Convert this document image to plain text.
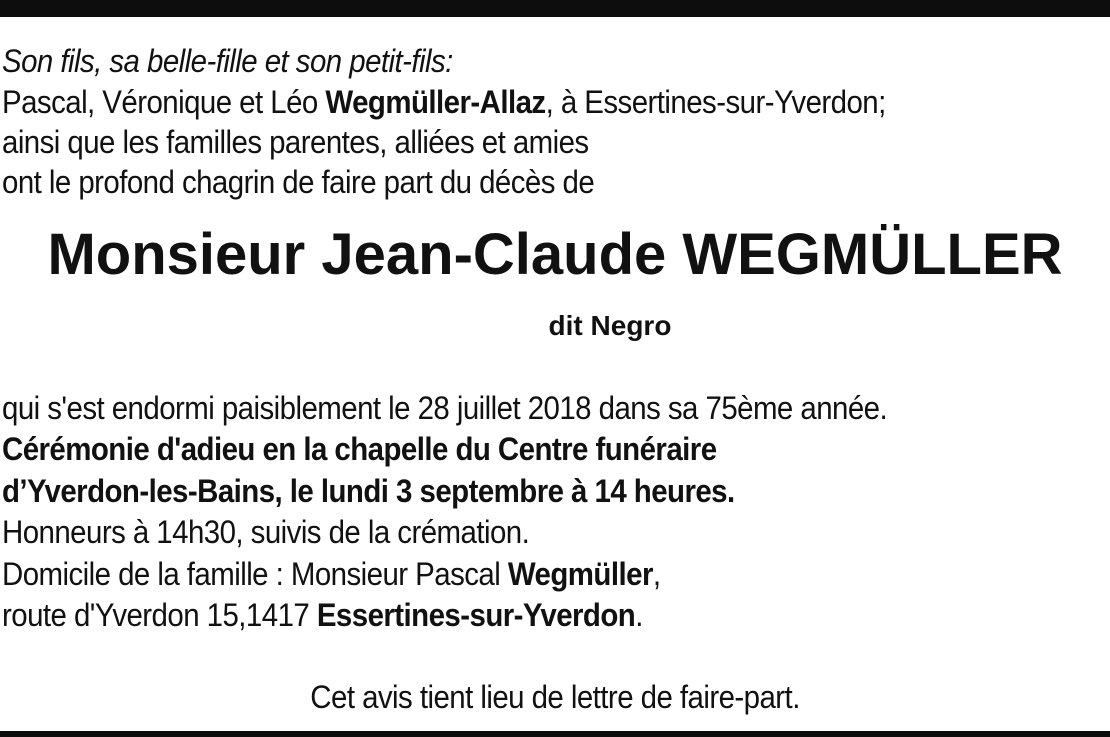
Son fils, sa belle-fille et son petit-fils:
Pascal, Véronique et Léo Wegmüller-Allaz, à Essertines-sur-Yverdon;
ainsi que les familles parentes, alliées et amies
ont le profond chagrin de faire part du décès de
Monsieur Jean-Claude WEGMÜLLER
dit Negro
qui s'est endormi paisiblement le 28 juillet 2018 dans sa 75ème année.
Cérémonie d'adieu en la chapelle du Centre funéraire
d’Yverdon-les-Bains, le lundi 3 septembre à 14 heures.
Honneurs à 14h30, suivis de la crémation.
Domicile de la famille : Monsieur Pascal Wegmüller,
route d'Yverdon 15,1417 Essertines-sur-Yverdon.
Cet avis tient lieu de lettre de faire-part.
